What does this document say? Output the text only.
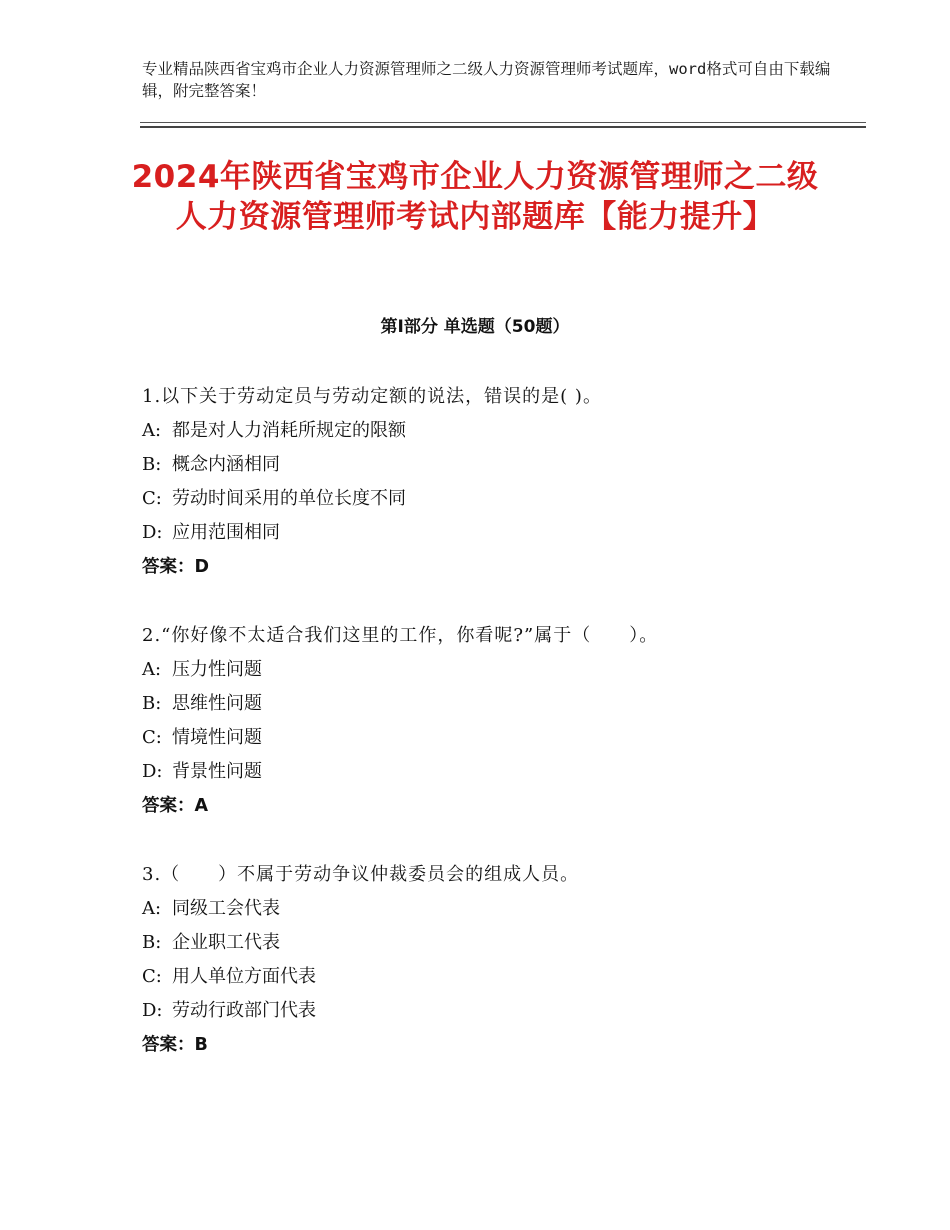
专业精品陕西省宝鸡市企业人力资源管理师之二级人力资源管理师考试题库，word格式可自由下载编辑，附完整答案！
2024年陕西省宝鸡市企业人力资源管理师之二级人力资源管理师考试内部题库【能力提升】
第Ⅰ部分 单选题（50题）
1.以下关于劳动定员与劳动定额的说法，错误的是( )。
A: 都是对人力消耗所规定的限额
B: 概念内涵相同
C: 劳动时间采用的单位长度不同
D: 应用范围相同
答案：D
2.“你好像不太适合我们这里的工作，你看呢?”属于（　　）。
A: 压力性问题
B: 思维性问题
C: 情境性问题
D: 背景性问题
答案：A
3.（　　）不属于劳动争议仲裁委员会的组成人员。
A: 同级工会代表
B: 企业职工代表
C: 用人单位方面代表
D: 劳动行政部门代表
答案：B
